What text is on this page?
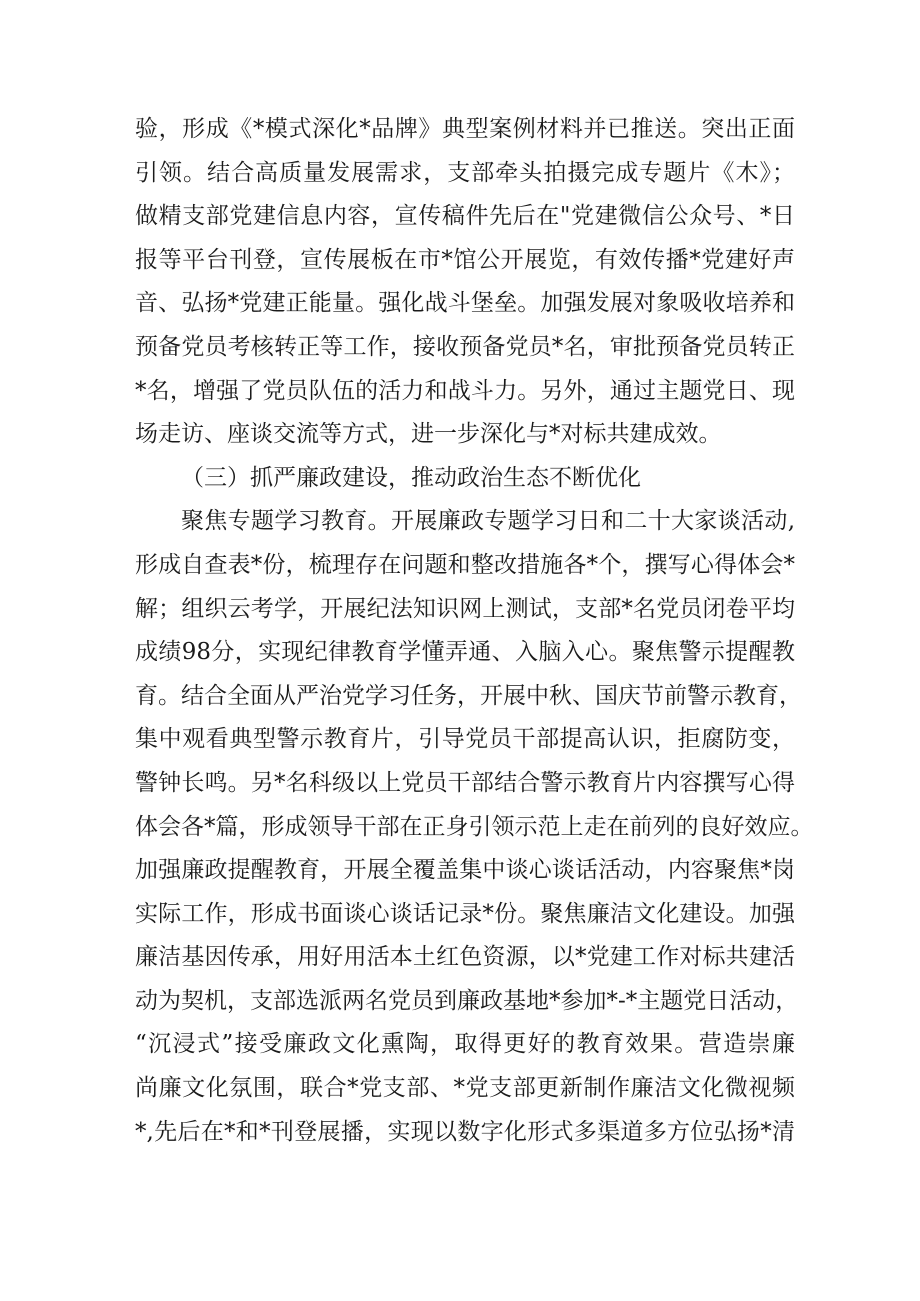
验，形成《*模式深化*品牌》典型案例材料并已推送。突出正面
引领。结合高质量发展需求，支部牵头拍摄完成专题片《木》；
做精支部党建信息内容，宣传稿件先后在"党建微信公众号、*日
报等平台刊登，宣传展板在市*馆公开展览，有效传播*党建好声
音、弘扬*党建正能量。强化战斗堡垒。加强发展对象吸收培养和
预备党员考核转正等工作，接收预备党员*名，审批预备党员转正
*名，增强了党员队伍的活力和战斗力。另外，通过主题党日、现
场走访、座谈交流等方式，进一步深化与*对标共建成效。
（三）抓严廉政建设，推动政治生态不断优化
聚焦专题学习教育。开展廉政专题学习日和二十大家谈活动,
形成自查表*份，梳理存在问题和整改措施各*个，撰写心得体会*
解；组织云考学，开展纪法知识网上测试，支部*名党员闭卷平均
成绩98分，实现纪律教育学懂弄通、入脑入心。聚焦警示提醒教
育。结合全面从严治党学习任务，开展中秋、国庆节前警示教育，
集中观看典型警示教育片，引导党员干部提高认识，拒腐防变，
警钟长鸣。另*名科级以上党员干部结合警示教育片内容撰写心得
体会各*篇，形成领导干部在正身引领示范上走在前列的良好效应。
加强廉政提醒教育，开展全覆盖集中谈心谈话活动，内容聚焦*岗
实际工作，形成书面谈心谈话记录*份。聚焦廉洁文化建设。加强
廉洁基因传承，用好用活本土红色资源，以*党建工作对标共建活
动为契机，支部选派两名党员到廉政基地*参加*-*主题党日活动，
“沉浸式”接受廉政文化熏陶，取得更好的教育效果。营造崇廉
尚廉文化氛围，联合*党支部、*党支部更新制作廉洁文化微视频
*,先后在*和*刊登展播，实现以数字化形式多渠道多方位弘扬*清
